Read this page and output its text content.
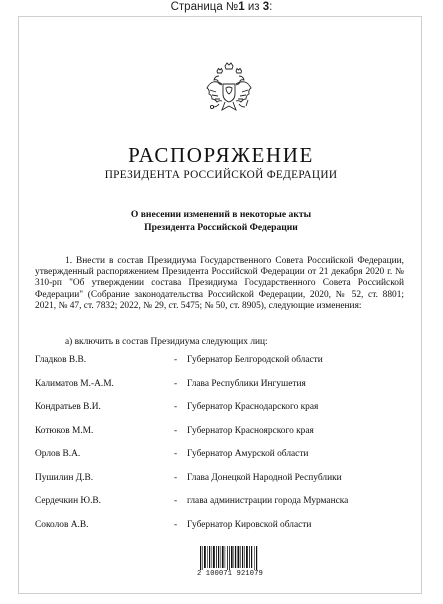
Страница №1 из 3:
РАСПОРЯЖЕНИЕ
ПРЕЗИДЕНТА РОССИЙСКОЙ ФЕДЕРАЦИИ
О внесении изменений в некоторые акты
Президента Российской Федерации
1. Внести в состав Президиума Государственного Совета Российской Федерации, утвержденный распоряжением Президента Российской Федерации от 21 декабря 2020 г. № 310-рп "Об утверждении состава Президиума Государственного Совета Российской Федерации" (Собрание законодательства Российской Федерации, 2020, № 52, ст. 8801; 2021, № 47, ст. 7832; 2022, № 29, ст. 5475; № 50, ст. 8905), следующие изменения:
а) включить в состав Президиума следующих лиц:
Гладков В.В.	- Губернатор Белгородской области
Калиматов М.-А.М.	- Глава Республики Ингушетия
Кондратьев В.И.	- Губернатор Краснодарского края
Котюков М.М.	- Губернатор Красноярского края
Орлов В.А.	- Губернатор Амурской области
Пушилин Д.В.	- Глава Донецкой Народной Республики
Сердечкин Ю.В.	- глава администрации города Мурманска
Соколов А.В.	- Губернатор Кировской области
2 100071 921079
